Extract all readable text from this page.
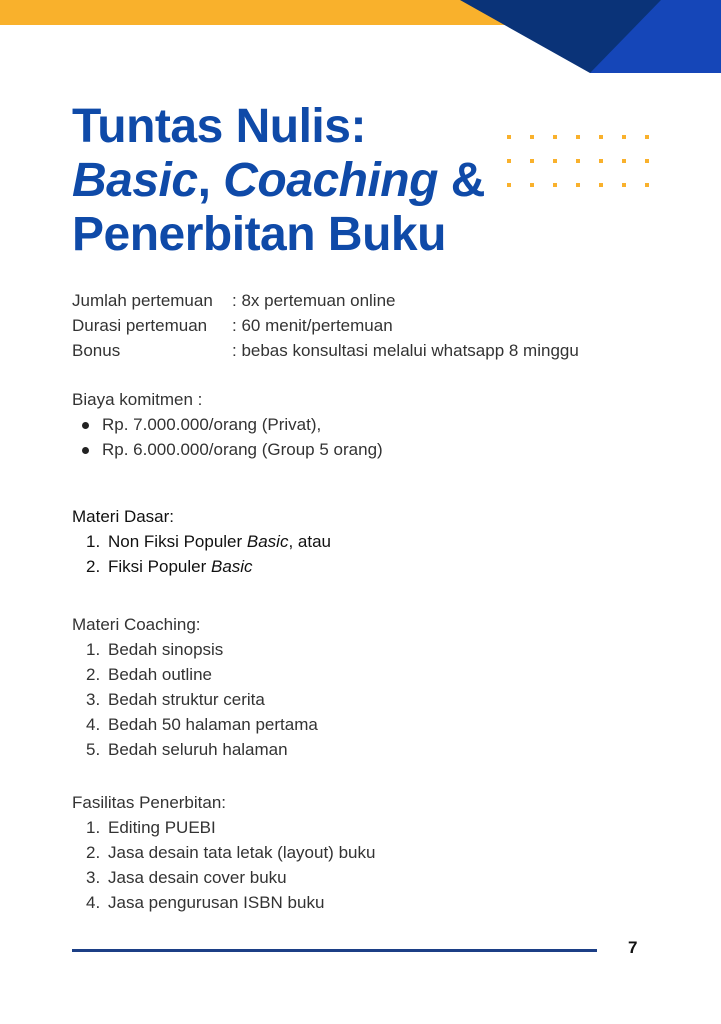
Tuntas Nulis:
Basic, Coaching &
Penerbitan Buku
Jumlah pertemuan	: 8x pertemuan online
Durasi pertemuan	: 60 menit/pertemuan
Bonus	: bebas konsultasi melalui whatsapp 8 minggu
Biaya komitmen :
Rp. 7.000.000/orang (Privat),
Rp. 6.000.000/orang (Group 5 orang)
Materi Dasar:
1. Non Fiksi Populer Basic, atau
2. Fiksi Populer Basic
Materi Coaching:
1. Bedah sinopsis
2. Bedah outline
3. Bedah struktur cerita
4. Bedah 50 halaman pertama
5. Bedah seluruh halaman
Fasilitas Penerbitan:
1. Editing PUEBI
2. Jasa desain tata letak (layout) buku
3. Jasa desain cover buku
4. Jasa pengurusan ISBN buku
7
